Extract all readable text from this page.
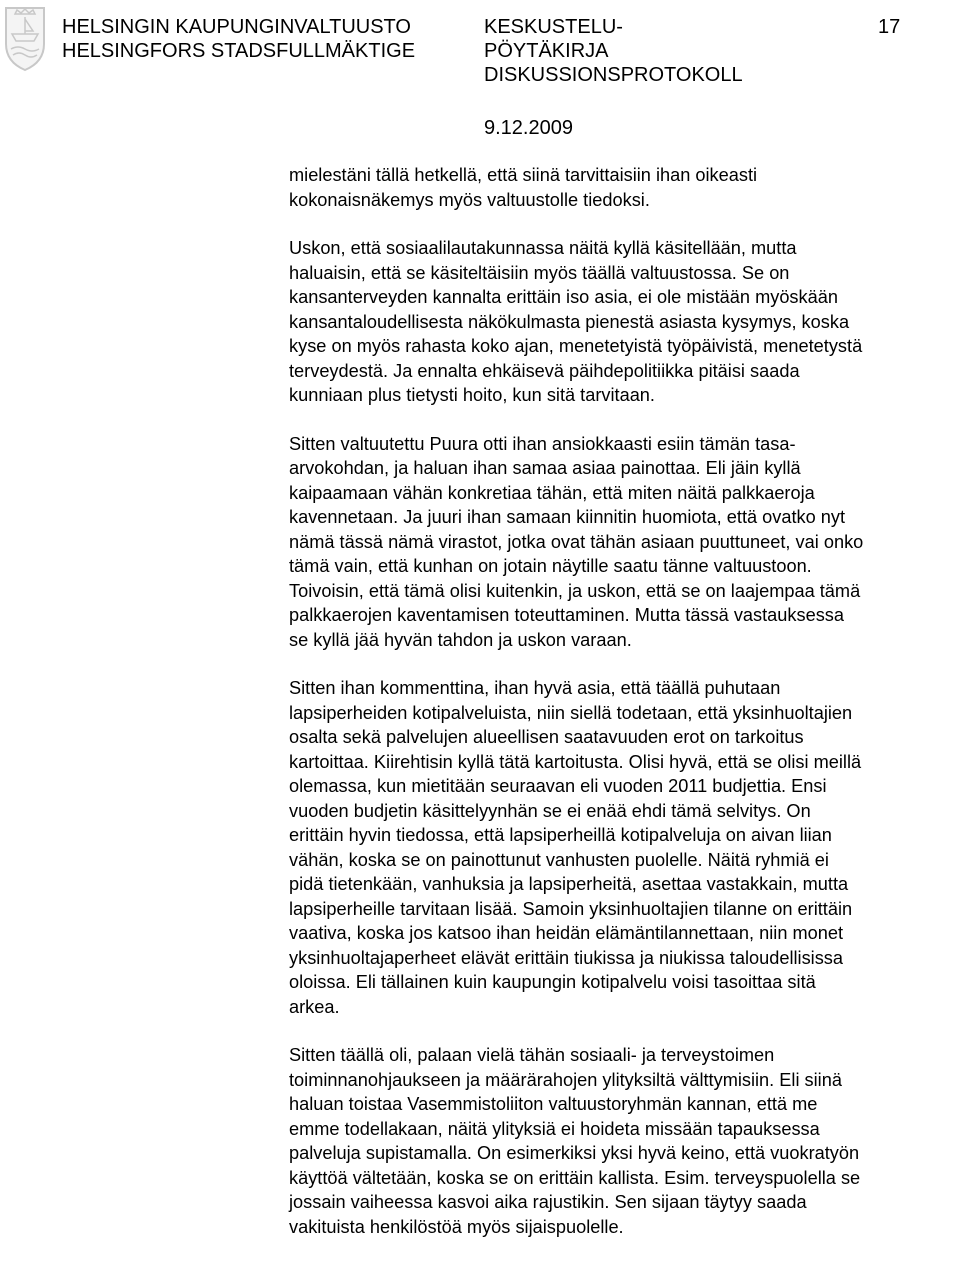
HELSINGIN KAUPUNGINVALTUUSTO
HELSINGFORS STADSFULLMÄKTIGE
KESKUSTELU-
PÖYTÄKIRJA
DISKUSSIONSPROTOKOLL
17
9.12.2009

mielestäni tällä hetkellä, että siinä tarvittaisiin ihan oikeasti
kokonaisnäkemys myös valtuustolle tiedoksi.

Uskon, että sosiaalilautakunnassa näitä kyllä käsitellään, mutta
haluaisin, että se käsiteltäisiin myös täällä valtuustossa. Se on
kansanterveyden kannalta erittäin iso asia, ei ole mistään myöskään
kansantaloudellisesta näkökulmasta pienestä asiasta kysymys, koska
kyse on myös rahasta koko ajan, menetetyistä työpäivistä, menetetystä
terveydestä. Ja ennalta ehkäisevä päihdepolitiikka pitäisi saada
kunniaan plus tietysti hoito, kun sitä tarvitaan.

Sitten valtuutettu Puura otti ihan ansiokkaasti esiin tämän tasa-
arvokohdan, ja haluan ihan samaa asiaa painottaa. Eli jäin kyllä
kaipaamaan vähän konkretiaa tähän, että miten näitä palkkaeroja
kavennetaan. Ja juuri ihan samaan kiinnitin huomiota, että ovatko nyt
nämä tässä nämä virastot, jotka ovat tähän asiaan puuttuneet, vai onko
tämä vain, että kunhan on jotain näytille saatu tänne valtuustoon.
Toivoisin, että tämä olisi kuitenkin, ja uskon, että se on laajempaa tämä
palkkaerojen kaventamisen toteuttaminen. Mutta tässä vastauksessa
se kyllä jää hyvän tahdon ja uskon varaan.

Sitten ihan kommenttina, ihan hyvä asia, että täällä puhutaan
lapsiperheiden kotipalveluista, niin siellä todetaan, että yksinhuoltajien
osalta sekä palvelujen alueellisen saatavuuden erot on tarkoitus
kartoittaa. Kiirehtisin kyllä tätä kartoitusta. Olisi hyvä, että se olisi meillä
olemassa, kun mietitään seuraavan eli vuoden 2011 budjettia. Ensi
vuoden budjetin käsittelyynhän se ei enää ehdi tämä selvitys. On
erittäin hyvin tiedossa, että lapsiperheillä kotipalveluja on aivan liian
vähän, koska se on painottunut vanhusten puolelle. Näitä ryhmiä ei
pidä tietenkään, vanhuksia ja lapsiperheitä, asettaa vastakkain, mutta
lapsiperheille tarvitaan lisää. Samoin yksinhuoltajien tilanne on erittäin
vaativa, koska jos katsoo ihan heidän elämäntilannettaan, niin monet
yksinhuoltajaperheet elävät erittäin tiukissa ja niukissa taloudellisissa
oloissa. Eli tällainen kuin kaupungin kotipalvelu voisi tasoittaa sitä
arkea.

Sitten täällä oli, palaan vielä tähän sosiaali- ja terveystoimen
toiminnanohjaukseen ja määrärahojen ylityksiltä välttymisiin. Eli siinä
haluan toistaa Vasemmistoliiton valtuustoryhmän kannan, että me
emme todellakaan, näitä ylityksiä ei hoideta missään tapauksessa
palveluja supistamalla. On esimerkiksi yksi hyvä keino, että vuokratyön
käyttöä vältetään, koska se on erittäin kallista. Esim. terveyspuolella se
jossain vaiheessa kasvoi aika rajustikin. Sen sijaan täytyy saada
vakituista henkilöstöä myös sijaispuolelle.
